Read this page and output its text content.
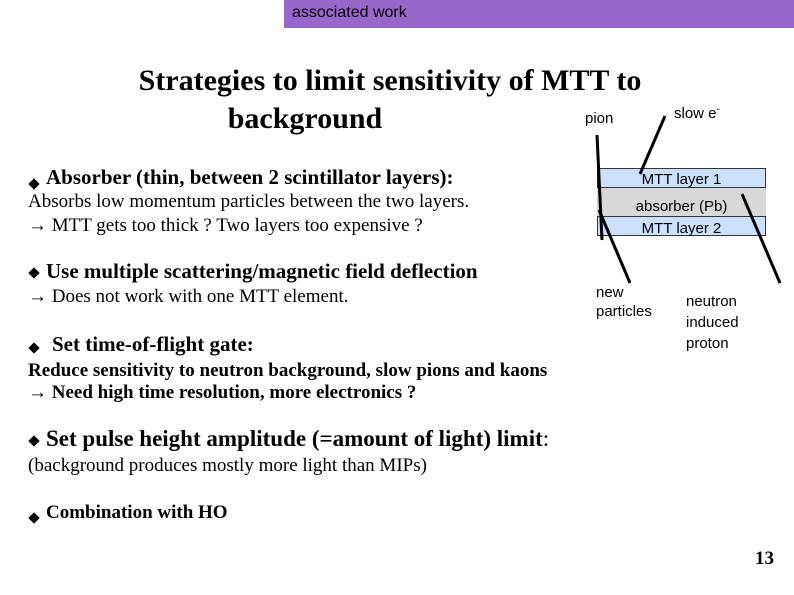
associated work
Strategies to limit sensitivity of MTT to
background	pion	slow e-
MTT layer 1
absorber (Pb)
MTT layer 2
new
particles
neutron
induced
proton
Absorber (thin, between 2 scintillator layers):
Absorbs low momentum particles between the two layers.
→ MTT gets too thick ? Two layers too expensive ?
Use multiple scattering/magnetic field deflection
→ Does not work with one MTT element.
Set time-of-flight gate:
Reduce sensitivity to neutron background, slow pions and kaons
→ Need high time resolution, more electronics ?
Set pulse height amplitude (=amount of light) limit:
(background produces mostly more light than MIPs)
Combination with HO
13
